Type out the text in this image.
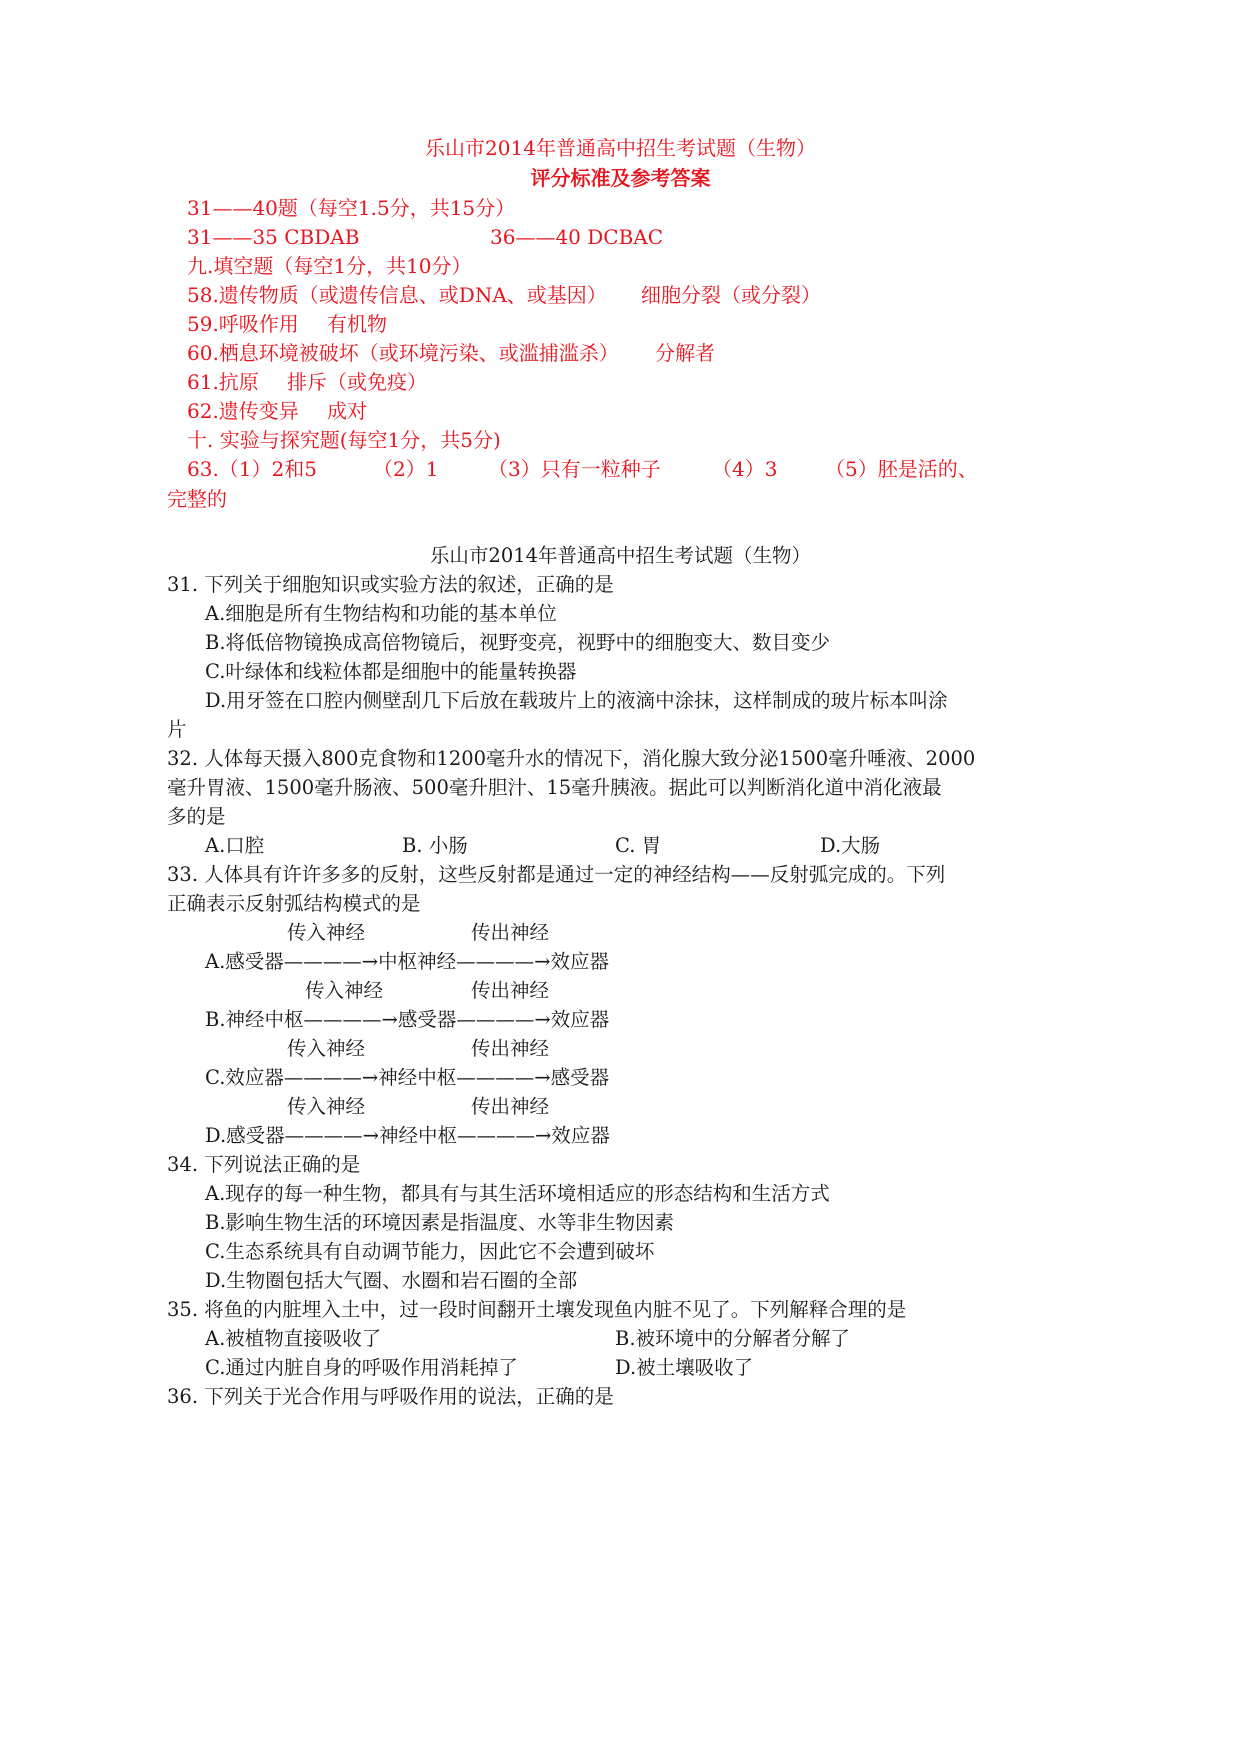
乐山市2014年普通高中招生考试题（生物）
评分标准及参考答案
31——40题（每空1.5分，共15分）
31——35 CBDAB	36——40 DCBAC
九.填空题（每空1分，共10分）
58.遗传物质（或遗传信息、或DNA、或基因） 细胞分裂（或分裂）
59.呼吸作用 有机物
60.栖息环境被破坏（或环境污染、或滥捕滥杀） 分解者
61.抗原 排斥（或免疫）
62.遗传变异 成对
十. 实验与探究题(每空1分，共5分)
63.（1）2和5	（2）1 （3）只有一粒种子	（4）3 （5）胚是活的、
完整的
乐山市2014年普通高中招生考试题（生物）
31. 下列关于细胞知识或实验方法的叙述，正确的是
A.细胞是所有生物结构和功能的基本单位
B.将低倍物镜换成高倍物镜后，视野变亮，视野中的细胞变大、数目变少
C.叶绿体和线粒体都是细胞中的能量转换器
D.用牙签在口腔内侧壁刮几下后放在载玻片上的液滴中涂抹，这样制成的玻片标本叫涂
片
32. 人体每天摄入800克食物和1200毫升水的情况下，消化腺大致分泌1500毫升唾液、2000
毫升胃液、1500毫升肠液、500毫升胆汁、15毫升胰液。据此可以判断消化道中消化液最
多的是
A.口腔	B. 小肠	C. 胃	D.大肠
33. 人体具有许许多多的反射，这些反射都是通过一定的神经结构——反射弧完成的。下列
正确表示反射弧结构模式的是
传入神经	传出神经
A.感受器————→中枢神经————→效应器
传入神经	传出神经
B.神经中枢————→感受器————→效应器
传入神经	传出神经
C.效应器————→神经中枢————→感受器
传入神经	传出神经
D.感受器————→神经中枢————→效应器
34. 下列说法正确的是
A.现存的每一种生物，都具有与其生活环境相适应的形态结构和生活方式
B.影响生物生活的环境因素是指温度、水等非生物因素
C.生态系统具有自动调节能力，因此它不会遭到破坏
D.生物圈包括大气圈、水圈和岩石圈的全部
35. 将鱼的内脏埋入土中，过一段时间翻开土壤发现鱼内脏不见了。下列解释合理的是
A.被植物直接吸收了	B.被环境中的分解者分解了
C.通过内脏自身的呼吸作用消耗掉了	D.被土壤吸收了
36. 下列关于光合作用与呼吸作用的说法，正确的是
